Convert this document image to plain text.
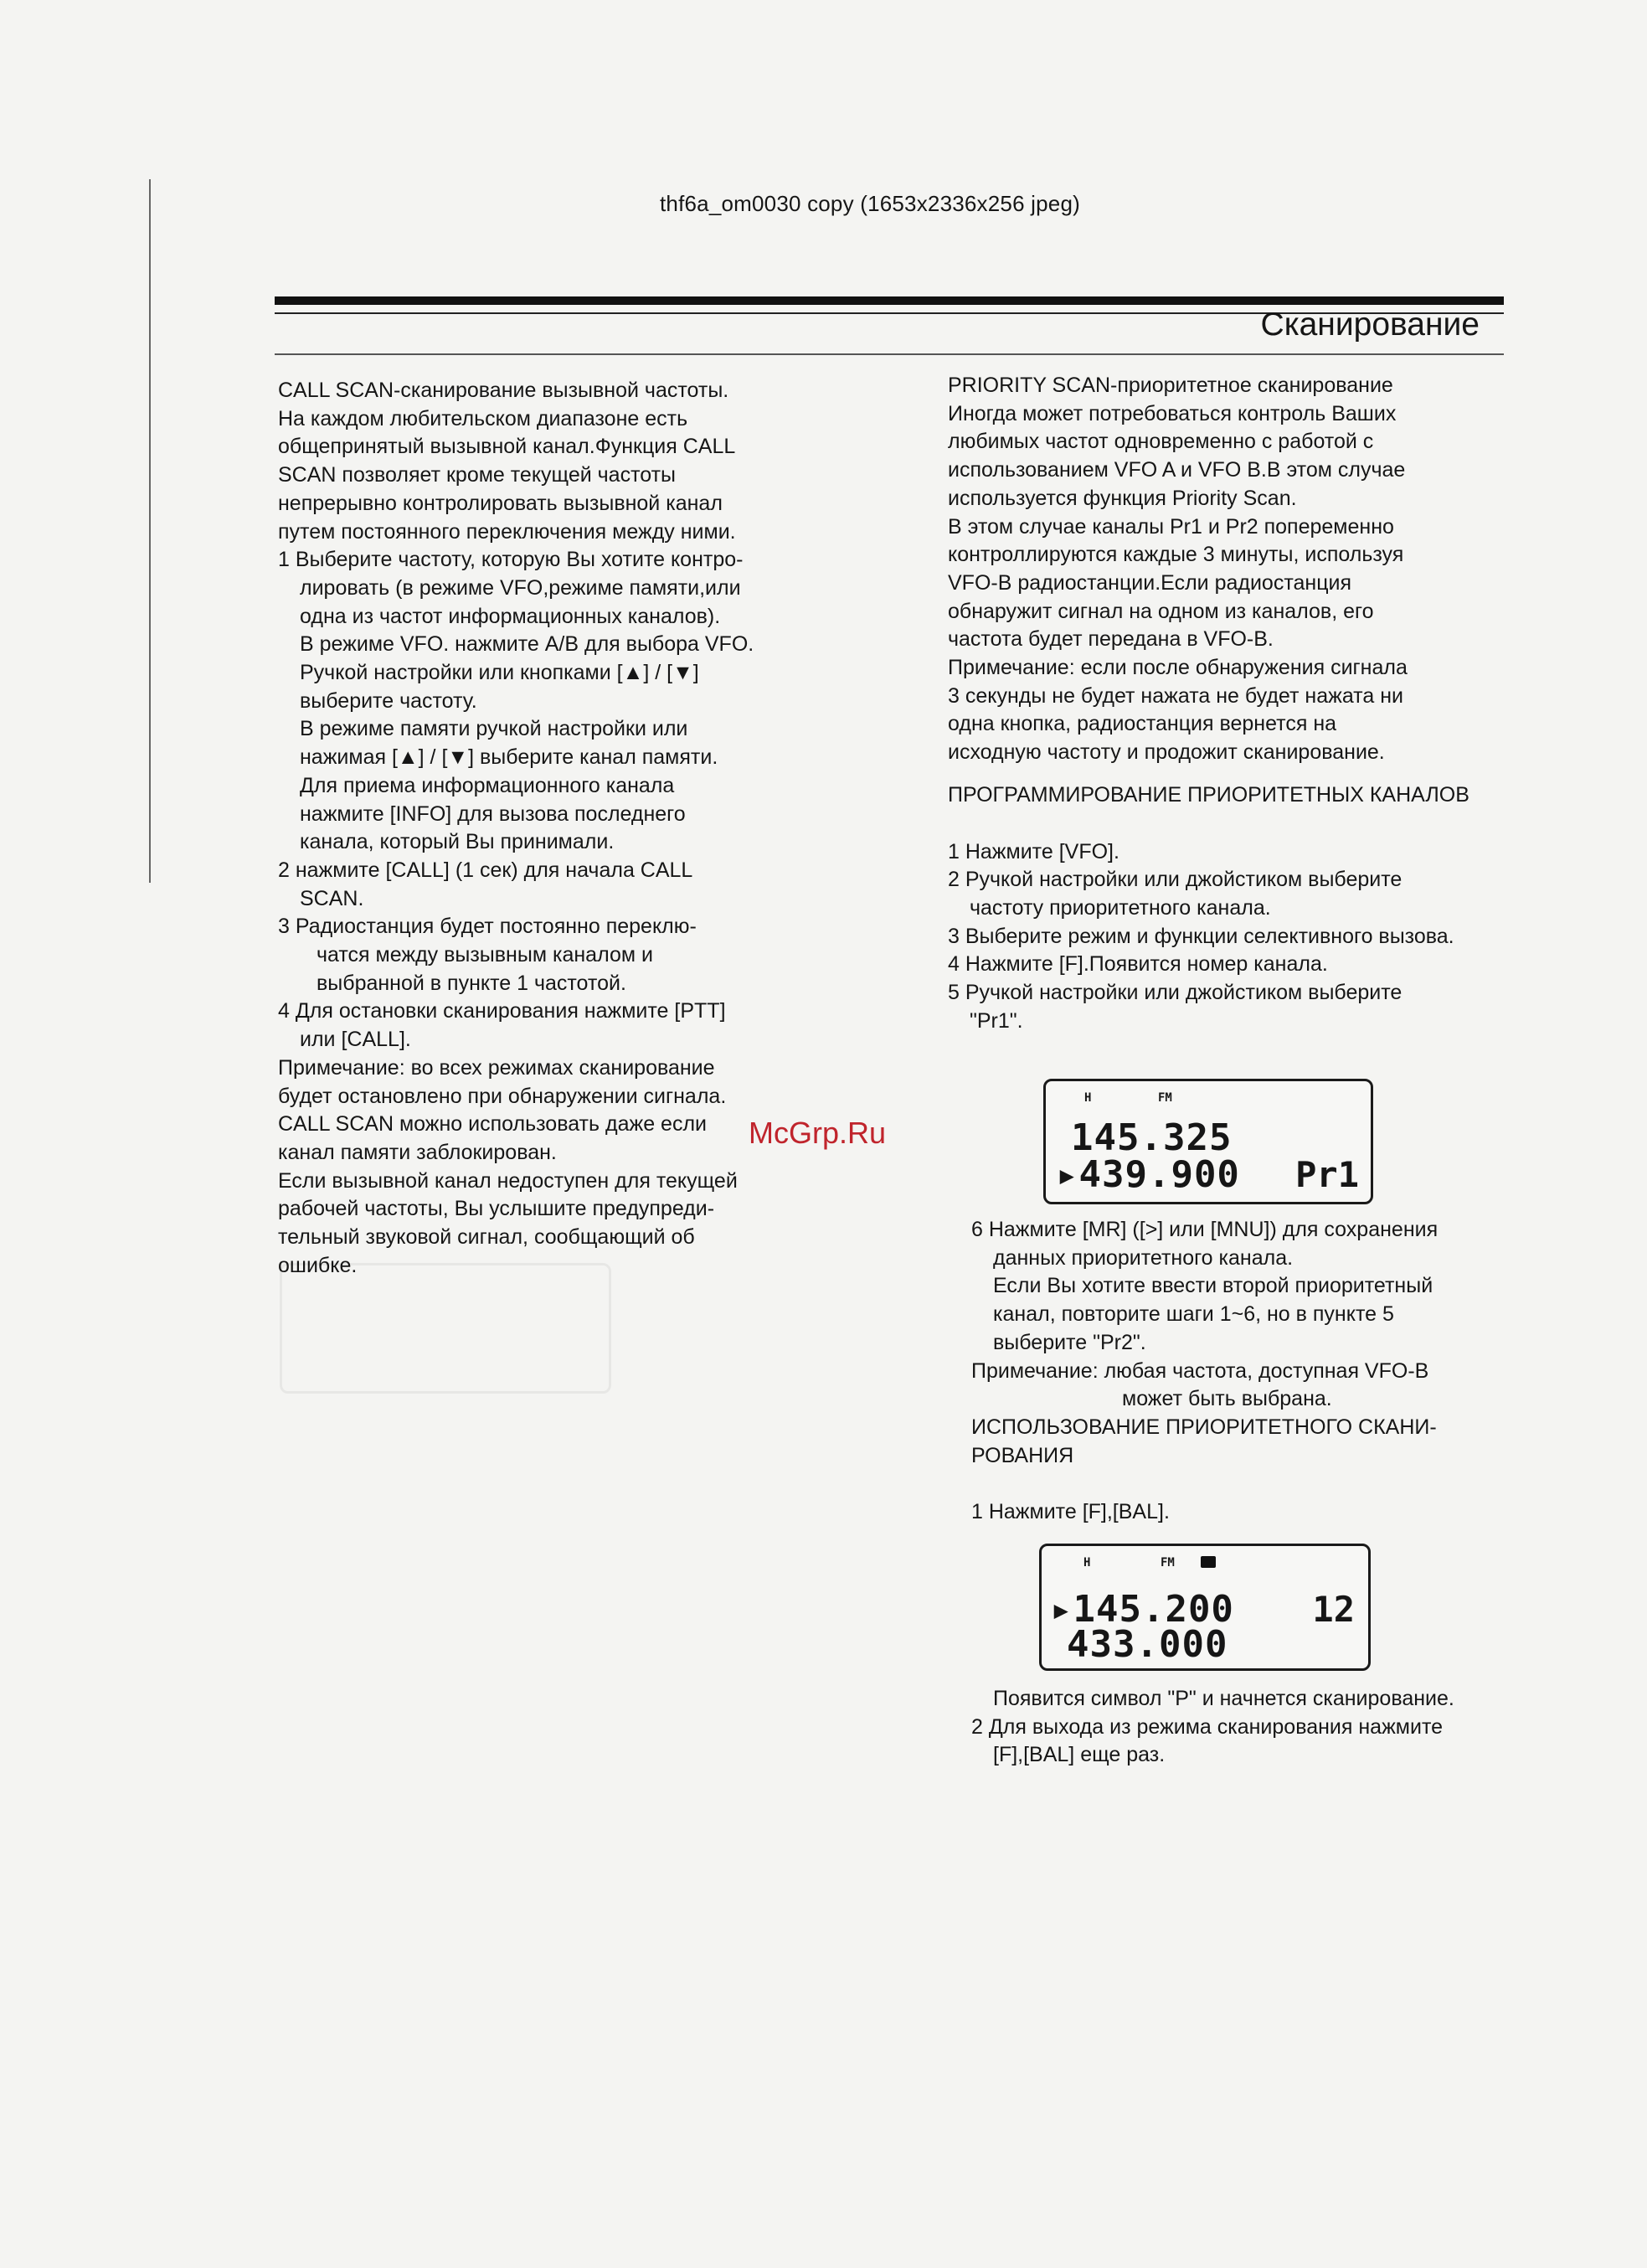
thf6a_om0030 copy (1653x2336x256 jpeg)
Сканирование

CALL SCAN-сканирование вызывной частоты.

На каждом любительском диапазоне есть

общепринятый вызывной канал.Функция CALL

SCAN позволяет кроме текущей частоты

непрерывно контролировать вызывной канал

путем постоянного переключения между ними.

1 Выберите частоту, которую Вы хотите контро-

лировать (в режиме VFO,режиме памяти,или

одна из частот информационных каналов).

В режиме VFO. нажмите A/B для выбора VFO.

Ручкой настройки или кнопками [▲] / [▼]

выберите частоту.

В режиме памяти ручкой настройки или

нажимая [▲] / [▼] выберите канал памяти.

Для приема информационного канала

нажмите [INFO] для вызова последнего

канала, который Вы принимали.

2 нажмите [CALL] (1 сек) для начала CALL

SCAN.

3 Радиостанция будет постоянно переклю-

чатся между вызывным каналом и

выбранной в пункте 1 частотой.

4 Для остановки сканирования нажмите [PTT]

или [CALL].

Примечание: во всех режимах сканирование

будет остановлено при обнаружении сигнала.

CALL SCAN можно использовать даже если

канал памяти заблокирован.

Если вызывной канал недоступен для текущей

рабочей частоты, Вы услышите предупреди-

тельный звуковой сигнал, сообщающий об

ошибке.

PRIORITY SCAN-приоритетное сканирование

Иногда может потребоваться контроль Ваших

любимых частот одновременно с работой с

использованием VFO A и VFO B.В этом случае

используется функция Priority Scan.

В этом случае каналы Pr1 и Pr2 попеременно

контроллируются каждые 3 минуты, используя

VFO-B радиостанции.Если радиостанция

обнаружит сигнал на одном из каналов, его

частота будет передана в VFO-B.

Примечание: если после обнаружения сигнала

3 секунды не будет нажата не будет нажата ни

одна кнопка, радиостанция вернется на

исходную частоту и продожит сканирование.

ПРОГРАММИРОВАНИЕ ПРИОРИТЕТНЫХ КАНАЛОВ

1 Нажмите [VFO].

2 Ручкой настройки или джойстиком выберите

частоту приоритетного канала.

3 Выберите режим и функции селективного вызова.

4 Нажмите [F].Появится номер канала.

5 Ручкой настройки или джойстиком выберите

"Pr1".

H	FM
145.325
▸439.900 Pr1

6 Нажмите [MR] ([>] или [MNU]) для сохранения

данных приоритетного канала.

Если Вы хотите ввести второй приоритетный

канал, повторите шаги 1~6, но в пункте 5

выберите "Pr2".

Примечание: любая частота, доступная VFO-B

может быть выбрана.

ИСПОЛЬЗОВАНИЕ ПРИОРИТЕТНОГО СКАНИ-

РОВАНИЯ

1 Нажмите [F],[BAL].

H	FM
▸145.200
433.000
12

Появится символ "P" и начнется сканирование.

2 Для выхода из режима сканирования нажмите

[F],[BAL] еще раз.

McGrp.Ru
